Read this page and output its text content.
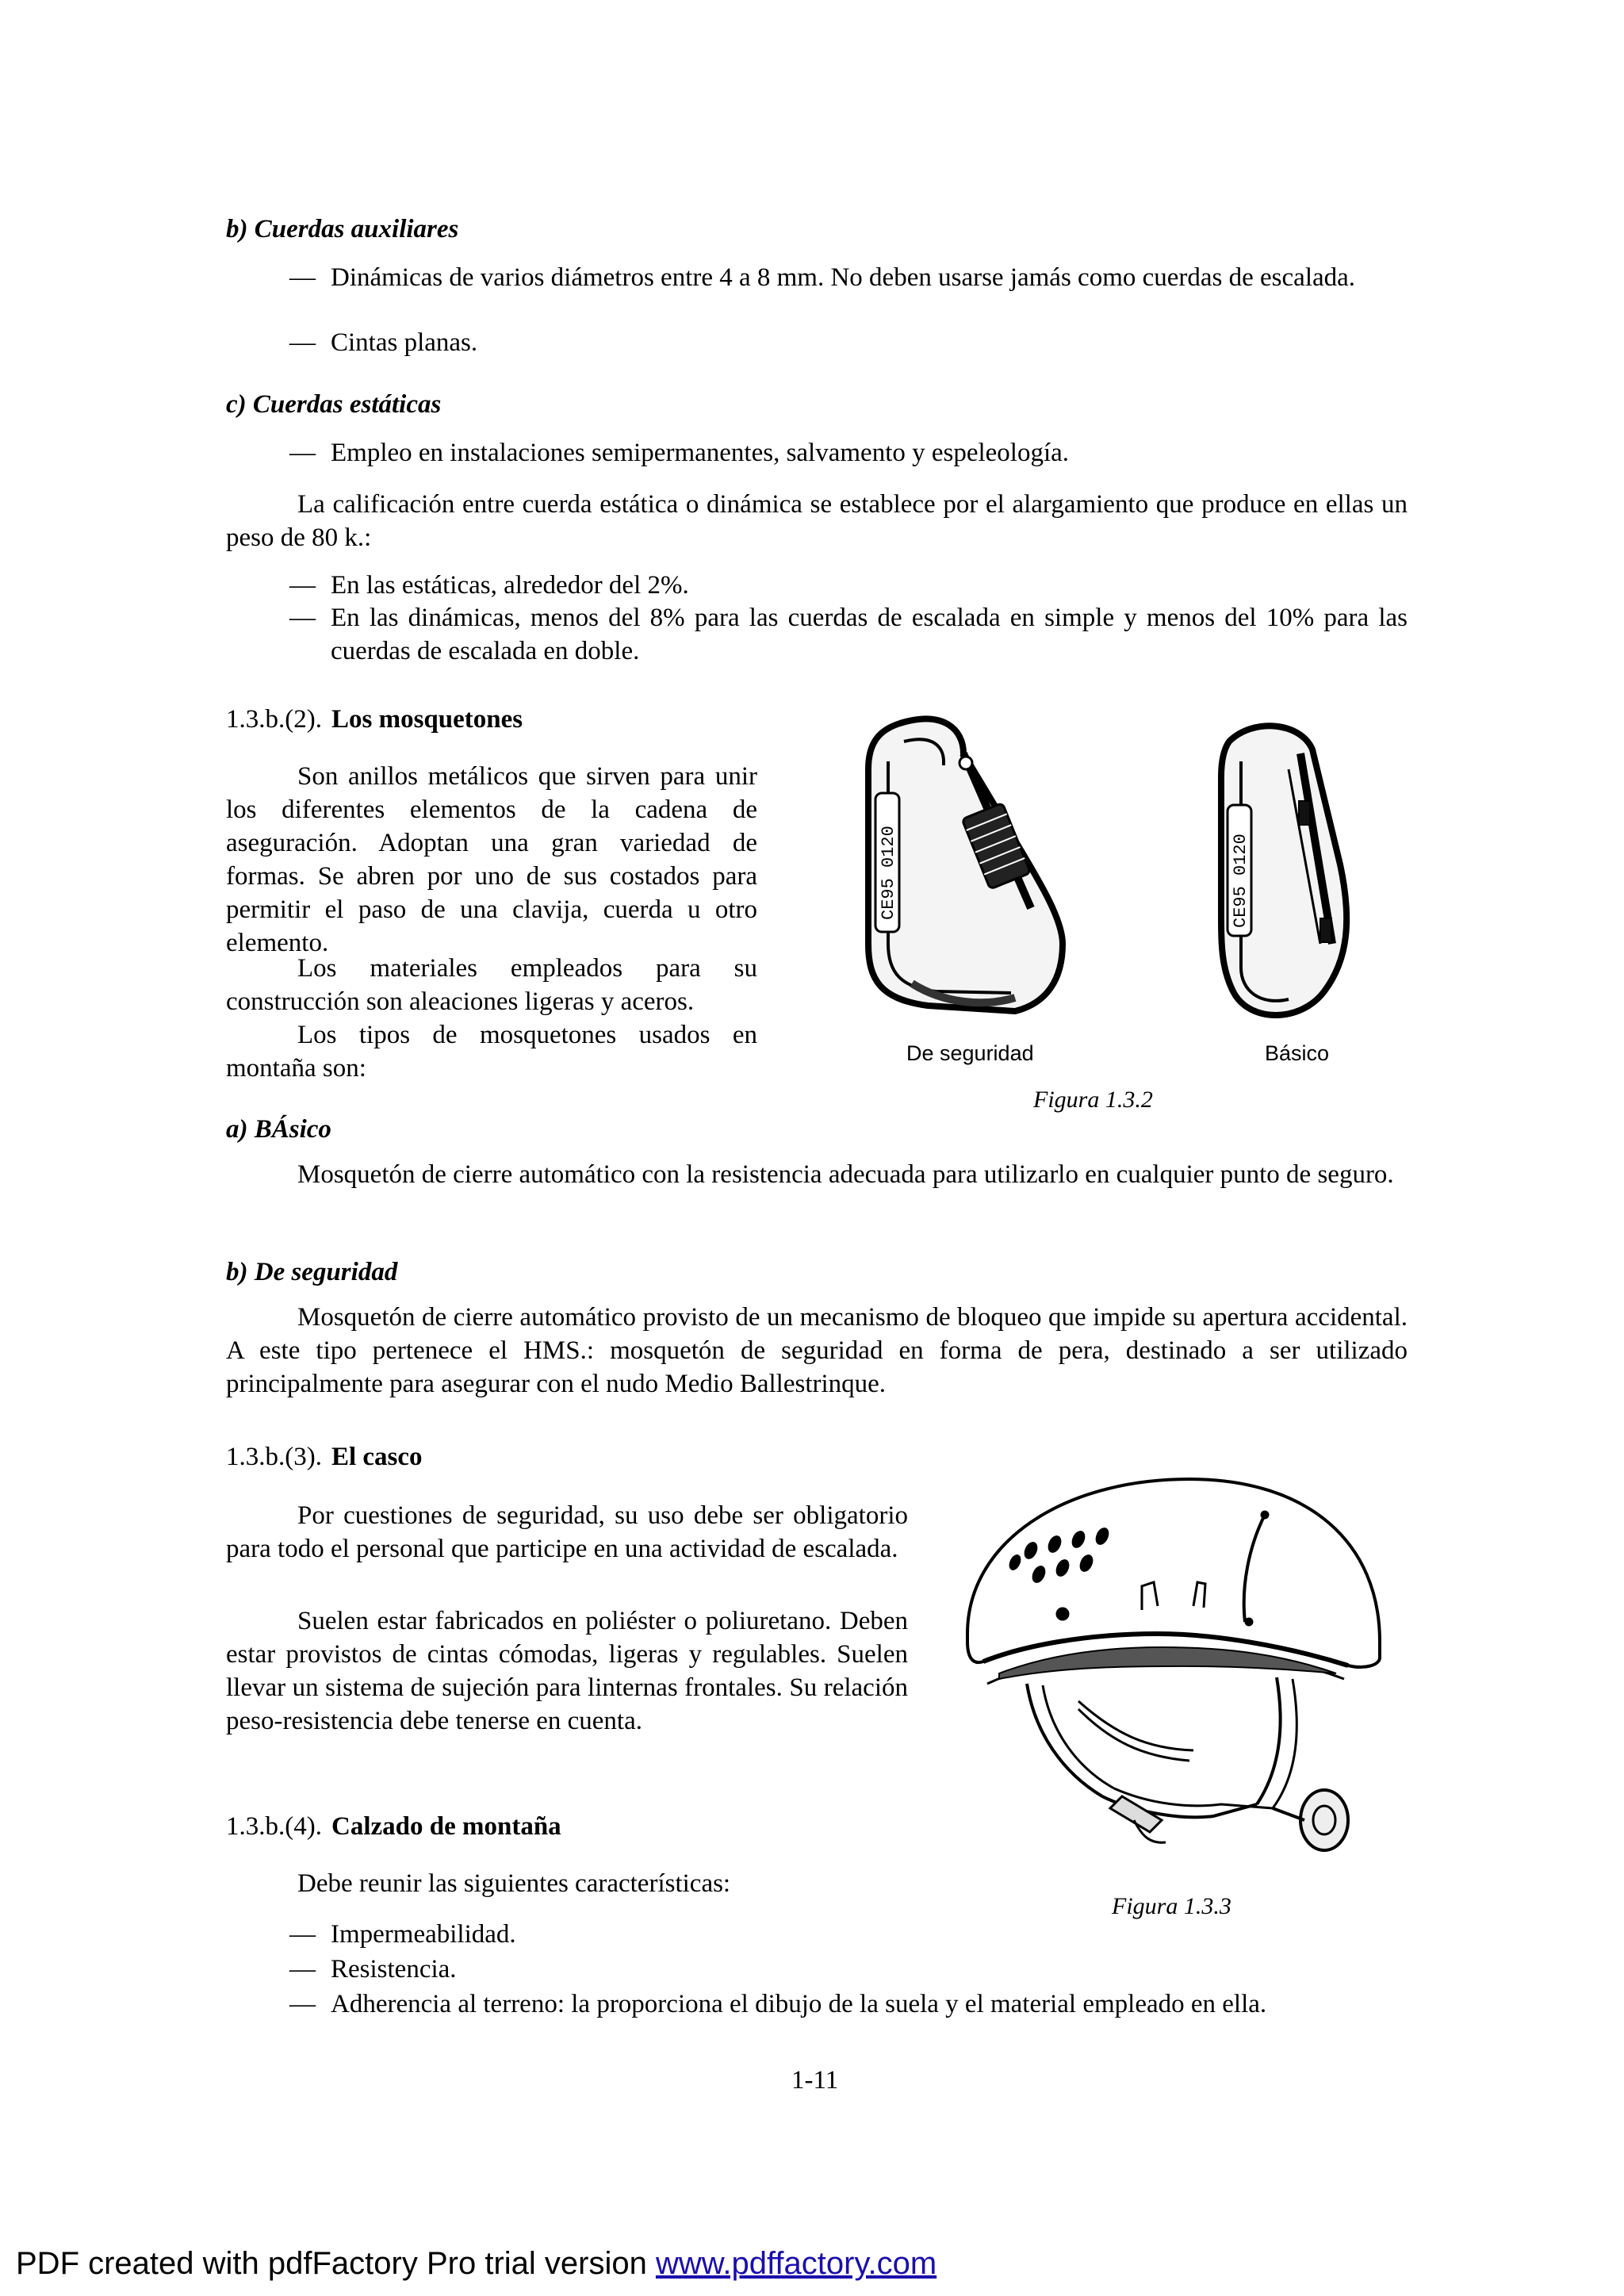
b) Cuerdas auxiliares
— Dinámicas de varios diámetros entre 4 a 8 mm. No deben usarse jamás como cuerdas de escalada.
— Cintas planas.
c) Cuerdas estáticas
— Empleo en instalaciones semipermanentes, salvamento y espeleología.
La calificación entre cuerda estática o dinámica se establece por el alargamiento que produce en ellas un peso de 80 k.:
— En las estáticas, alrededor del 2%.
— En las dinámicas, menos del 8% para las cuerdas de escalada en simple y menos del 10% para las cuerdas de escalada en doble.
1.3.b.(2). Los mosquetones
Son anillos metálicos que sirven para unir los diferentes elementos de la cadena de aseguración. Adoptan una gran variedad de formas. Se abren por uno de sus costados para permitir el paso de una clavija, cuerda u otro elemento.
Los materiales empleados para su construcción son aleaciones ligeras y aceros.
Los tipos de mosquetones usados en montaña son:
CE95 0120	CE95 0120
De seguridad	Básico
Figura 1.3.2
a) BÁsico
Mosquetón de cierre automático con la resistencia adecuada para utilizarlo en cualquier punto de seguro.
b) De seguridad
Mosquetón de cierre automático provisto de un mecanismo de bloqueo que impide su apertura accidental. A este tipo pertenece el HMS.: mosquetón de seguridad en forma de pera, destinado a ser utilizado principalmente para asegurar con el nudo Medio Ballestrinque.
1.3.b.(3). El casco
Por cuestiones de seguridad, su uso debe ser obligatorio para todo el personal que participe en una actividad de escalada.
Suelen estar fabricados en poliéster o poliuretano. Deben estar provistos de cintas cómodas, ligeras y regulables. Suelen llevar un sistema de sujeción para linternas frontales. Su relación peso-resistencia debe tenerse en cuenta.
Figura 1.3.3
1.3.b.(4). Calzado de montaña
Debe reunir las siguientes características:
— Impermeabilidad.
— Resistencia.
— Adherencia al terreno: la proporciona el dibujo de la suela y el material empleado en ella.
1-11
PDF created with pdfFactory Pro trial version www.pdffactory.com
